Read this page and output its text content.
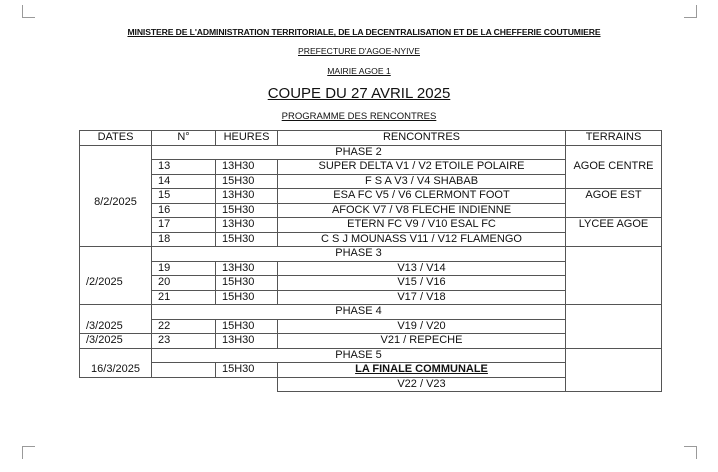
MINISTERE DE L'ADMINISTRATION TERRITORIALE, DE LA DECENTRALISATION ET DE LA CHEFFERIE COUTUMIERE
PREFECTURE D'AGOE-NYIVE
MAIRIE AGOE 1
COUPE DU 27 AVRIL 2025
PROGRAMME DES RENCONTRES
DATES	N°	HEURES	RENCONTRES	TERRAINS
	PHASE 2			
8/2/2025	13	13H30	SUPER DELTA V1 / V2 ETOILE POLAIRE	AGOE CENTRE
	14	15H30	F S A V3 / V4 SHABAB	
	15	13H30	ESA FC V5 / V6 CLERMONT FOOT	AGOE EST
	16	15H30	AFOCK V7 / V8 FLECHE INDIENNE	
	17	13H30	ETERN FC V9 / V10 ESAL FC	LYCEE AGOE
	18	15H30	C S J MOUNASS V11 / V12 FLAMENGO	
	PHASE 3			
/2/2025	19	13H30	V13 / V14	
	20	15H30	V15 / V16	
	21	15H30	V17 / V18	
	PHASE 4			
/3/2025	22	15H30	V19 / V20	
/3/2025	23	13H30	V21 / REPECHE	
	PHASE 5			
16/3/2025		15H30	LA FINALE COMMUNALE	
			V22 / V23	
